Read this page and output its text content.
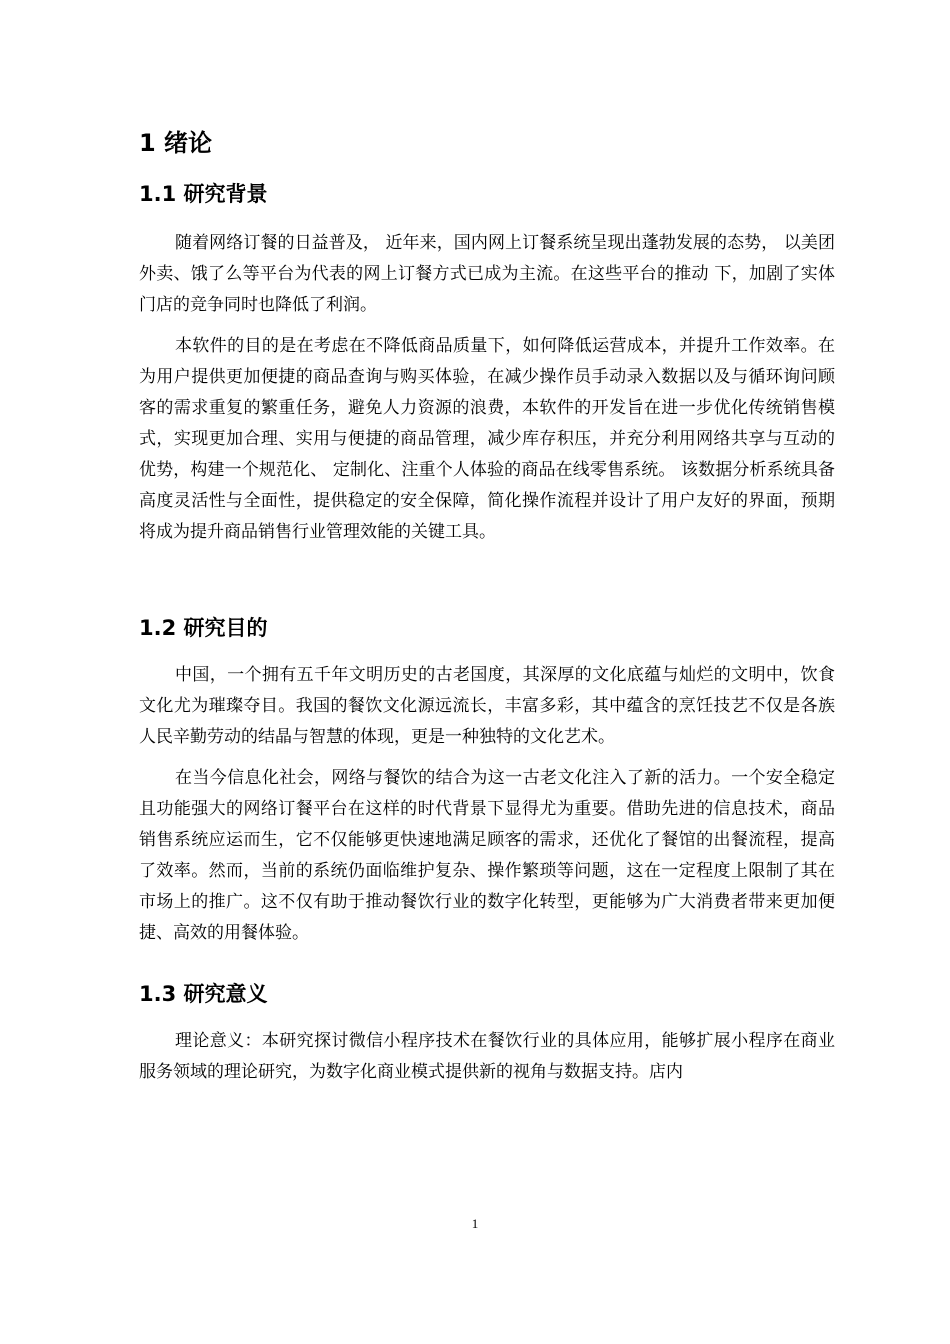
1 绪论
1.1 研究背景

随着网络订餐的日益普及， 近年来，国内网上订餐系统呈现出蓬勃发展的态势， 以美团外卖、饿了么等平台为代表的网上订餐方式已成为主流。在这些平台的推动 下，加剧了实体门店的竞争同时也降低了利润。

本软件的目的是在考虑在不降低商品质量下，如何降低运营成本，并提升工作效率。在为用户提供更加便捷的商品查询与购买体验，在减少操作员手动录入数据以及与循环询问顾客的需求重复的繁重任务，避免人力资源的浪费，本软件的开发旨在进一步优化传统销售模式，实现更加合理、实用与便捷的商品管理，减少库存积压，并充分利用网络共享与互动的优势，构建一个规范化、 定制化、注重个人体验的商品在线零售系统。 该数据分析系统具备高度灵活性与全面性，提供稳定的安全保障，简化操作流程并设计了用户友好的界面，预期将成为提升商品销售行业管理效能的关键工具。

1.2 研究目的

中国，一个拥有五千年文明历史的古老国度，其深厚的文化底蕴与灿烂的文明中，饮食文化尤为璀璨夺目。我国的餐饮文化源远流长，丰富多彩，其中蕴含的烹饪技艺不仅是各族人民辛勤劳动的结晶与智慧的体现，更是一种独特的文化艺术。

在当今信息化社会，网络与餐饮的结合为这一古老文化注入了新的活力。一个安全稳定且功能强大的网络订餐平台在这样的时代背景下显得尤为重要。借助先进的信息技术，商品销售系统应运而生，它不仅能够更快速地满足顾客的需求，还优化了餐馆的出餐流程，提高了效率。然而，当前的系统仍面临维护复杂、操作繁琐等问题，这在一定程度上限制了其在市场上的推广。这不仅有助于推动餐饮行业的数字化转型，更能够为广大消费者带来更加便捷、高效的用餐体验。

1.3 研究意义

理论意义：本研究探讨微信小程序技术在餐饮行业的具体应用，能够扩展小程序在商业服务领域的理论研究，为数字化商业模式提供新的视角与数据支持。店内

1
